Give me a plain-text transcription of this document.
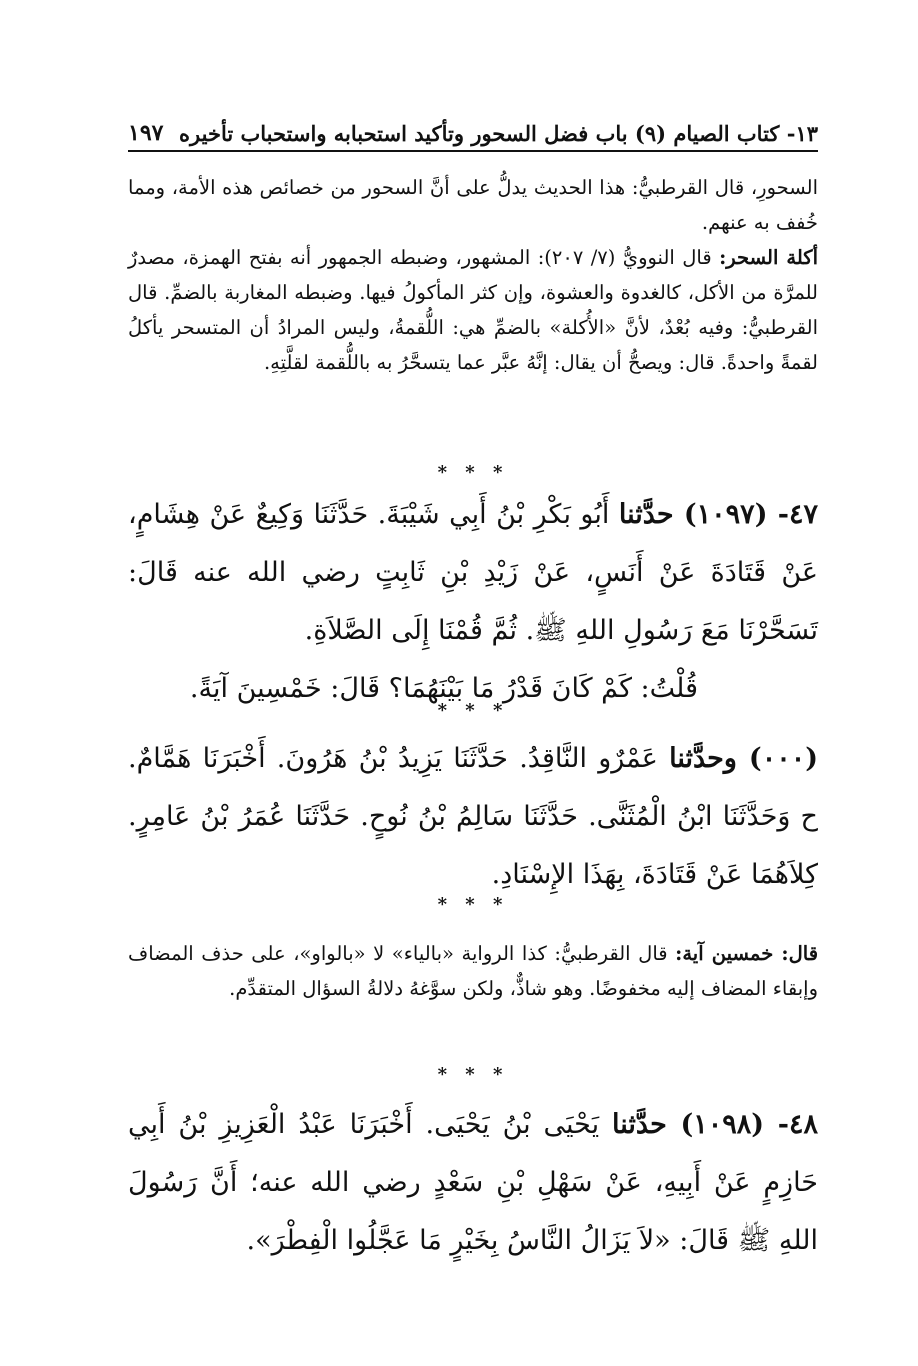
١٣- كتاب الصيام (٩) باب فضل السحور وتأكيد استحبابه واستحباب تأخيره
١٩٧

السحورِ، قال القرطبيُّ: هذا الحديث يدلُّ على أنَّ السحور من خصائص هذه الأمة، ومما خُفف به عنهم.

أكلة السحر: قال النوويُّ (٧/ ٢٠٧): المشهور، وضبطه الجمهور أنه بفتح الهمزة، مصدرٌ للمرَّة من الأكل، كالغدوة والعشوة، وإن كثر المأكولُ فيها. وضبطه المغاربة بالضمِّ. قال القرطبيُّ: وفيه بُعْدٌ، لأنَّ «الأُكلة» بالضمِّ هي: اللُّقمةُ، وليس المرادُ أن المتسحر يأكلُ لقمةً واحدةً. قال: ويصحُّ أن يقال: إنَّهُ عبَّر عما يتسحَّرُ به باللُّقمة لقلَّتِهِ.

* * *

٤٧- (١٠٩٧) حدَّثنا أَبُو بَكْرِ بْنُ أَبِي شَيْبَةَ. حَدَّثَنَا وَكِيعٌ عَنْ هِشَامٍ، عَنْ قَتَادَةَ عَنْ أَنَسٍ، عَنْ زَيْدِ بْنِ ثَابِتٍ رضي الله عنه قَالَ: تَسَحَّرْنَا مَعَ رَسُولِ اللهِ ﷺ. ثُمَّ قُمْنَا إِلَى الصَّلاَةِ.

قُلْتُ: كَمْ كَانَ قَدْرُ مَا بَيْنَهُمَا؟ قَالَ: خَمْسِينَ آيَةً.

* * *

(٠٠٠) وحدَّثنا عَمْرٌو النَّاقِدُ. حَدَّثَنَا يَزِيدُ بْنُ هَرُونَ. أَخْبَرَنَا هَمَّامٌ. ح وَحَدَّثَنَا ابْنُ الْمُثَنَّى. حَدَّثَنَا سَالِمُ بْنُ نُوحٍ. حَدَّثَنَا عُمَرُ بْنُ عَامِرٍ. كِلاَهُمَا عَنْ قَتَادَةَ، بِهَذَا الإِسْنَادِ.

* * *

قال: خمسين آية: قال القرطبيُّ: كذا الرواية «بالياء» لا «بالواو»، على حذف المضاف وإبقاء المضاف إليه مخفوضًا. وهو شاذٌّ، ولكن سوَّغهُ دلالةُ السؤال المتقدِّم.

* * *

٤٨- (١٠٩٨) حدَّثنا يَحْيَى بْنُ يَحْيَى. أَخْبَرَنَا عَبْدُ الْعَزِيزِ بْنُ أَبِي حَازِمٍ عَنْ أَبِيهِ، عَنْ سَهْلِ بْنِ سَعْدٍ رضي الله عنه؛ أَنَّ رَسُولَ اللهِ ﷺ قَالَ: «لاَ يَزَالُ النَّاسُ بِخَيْرٍ مَا عَجَّلُوا الْفِطْرَ».
